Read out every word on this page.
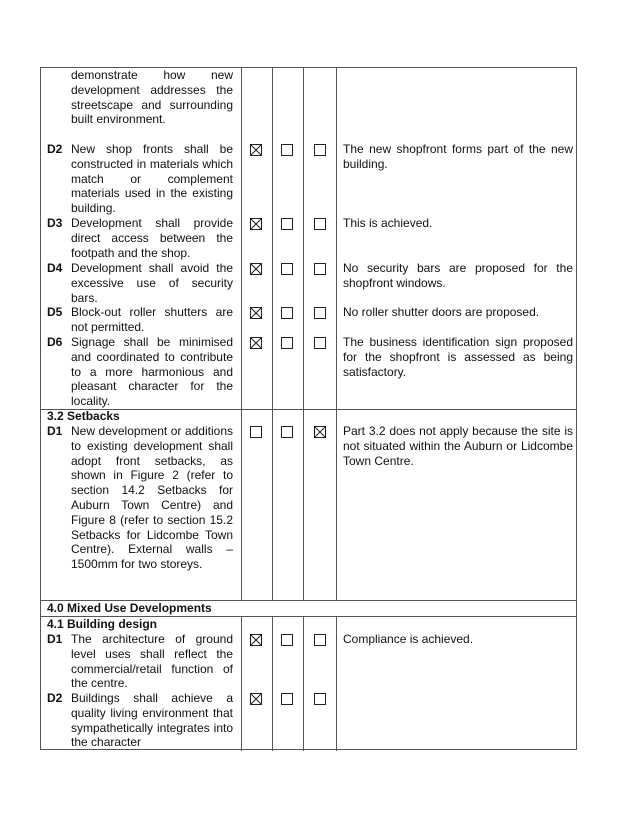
demonstrate how new development addresses the streetscape and surrounding built environment.
D2 New shop fronts shall be constructed in materials which match or complement materials used in the existing building.
The new shopfront forms part of the new building.
D3 Development shall provide direct access between the footpath and the shop.
This is achieved.
D4 Development shall avoid the excessive use of security bars.
No security bars are proposed for the shopfront windows.
D5 Block-out roller shutters are not permitted.
No roller shutter doors are proposed.
D6 Signage shall be minimised and coordinated to contribute to a more harmonious and pleasant character for the locality.
The business identification sign proposed for the shopfront is assessed as being satisfactory.
3.2 Setbacks
D1 New development or additions to existing development shall adopt front setbacks, as shown in Figure 2 (refer to section 14.2 Setbacks for Auburn Town Centre) and Figure 8 (refer to section 15.2 Setbacks for Lidcombe Town Centre). External walls – 1500mm for two storeys.
Part 3.2 does not apply because the site is not situated within the Auburn or Lidcombe Town Centre.
4.0 Mixed Use Developments
4.1 Building design
D1 The architecture of ground level uses shall reflect the commercial/retail function of the centre.
Compliance is achieved.
D2 Buildings shall achieve a quality living environment that sympathetically integrates into the character
